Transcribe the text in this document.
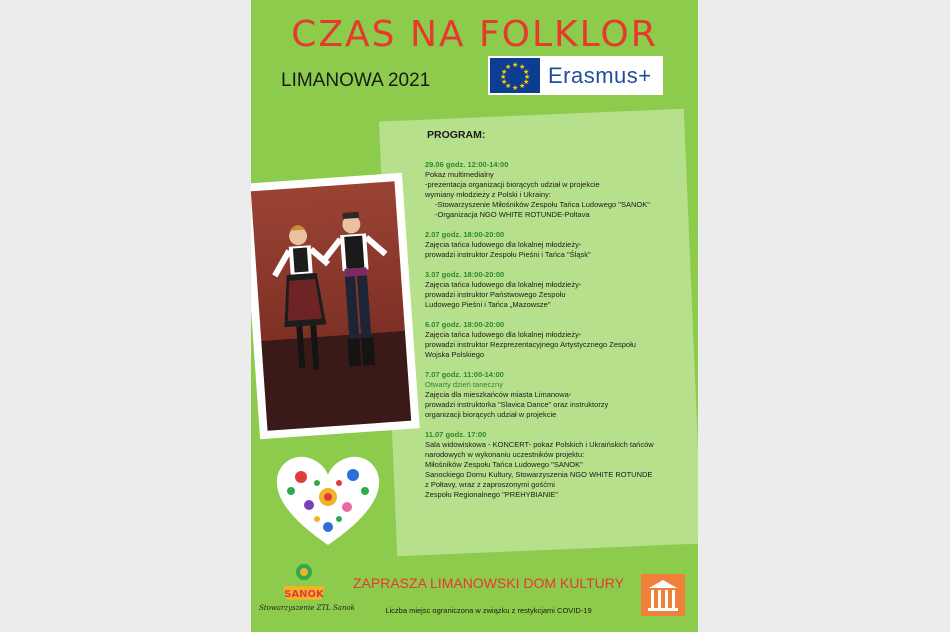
CZAS NA FOLKLOR
LIMANOWA 2021
★ ★
★
★
★
★
★
★
★
★
★
★ Erasmus+
PROGRAM:
29.06 godz. 12:00-14:00
Pokaz multimedialny
-prezentacja organizacji biorących udział w projekcie
wymiany młodzieży z Polski i Ukrainy:
-Stowarzyszenie Miłośników Zespołu Tańca Ludowego "SANOK"
-Organizacja NGO WHITE ROTUNDE-Poltava
2.07 godz. 18:00-20:00
Zajęcia tańca ludowego dla lokalnej młodzieży-
prowadzi instruktor Zespołu Pieśni i Tańca "Śląsk"
3.07 godz. 18:00-20:00
Zajęcia tańca ludowego dla lokalnej młodzieży-
prowadzi instruktor Państwowego Zespołu
Ludowego Pieśni i Tańca „Mazowsze”
6.07 godz. 18:00-20:00
Zajęcia tańca ludowego dla lokalnej młodzieży-
prowadzi instruktor Rezprezentacyjnego Artystycznego Zespołu
Wojska Polskiego
7.07 godz. 11:00-14:00
Otwarty dzień taneczny
Zajęcia dla mieszkańców miasta Limanowa-
prowadzi instruktorka "Slavica Dance" oraz instruktorzy
organizacji biorących udział w projekcie
11.07 godz. 17:00
Sala widowiskowa - KONCERT- pokaz Polskich i Ukraińskich tańców
narodowych w wykonaniu uczestników projektu:
Miłośników Zespołu Tańca Ludowego "SANOK"
Sanockiego Domu Kultury, Stowarzyszenia NGO WHITE ROTUNDE
z Połtavy, wraz z zaproszonymi gośćmi
Zespołu Regionalnego "PREHYBIANIE"
SANOK
Stowarzyszenie ZTL Sanok
ZAPRASZA LIMANOWSKI DOM KULTURY
Liczba miejsc ograniczona w związku z restykcjami COVID-19
